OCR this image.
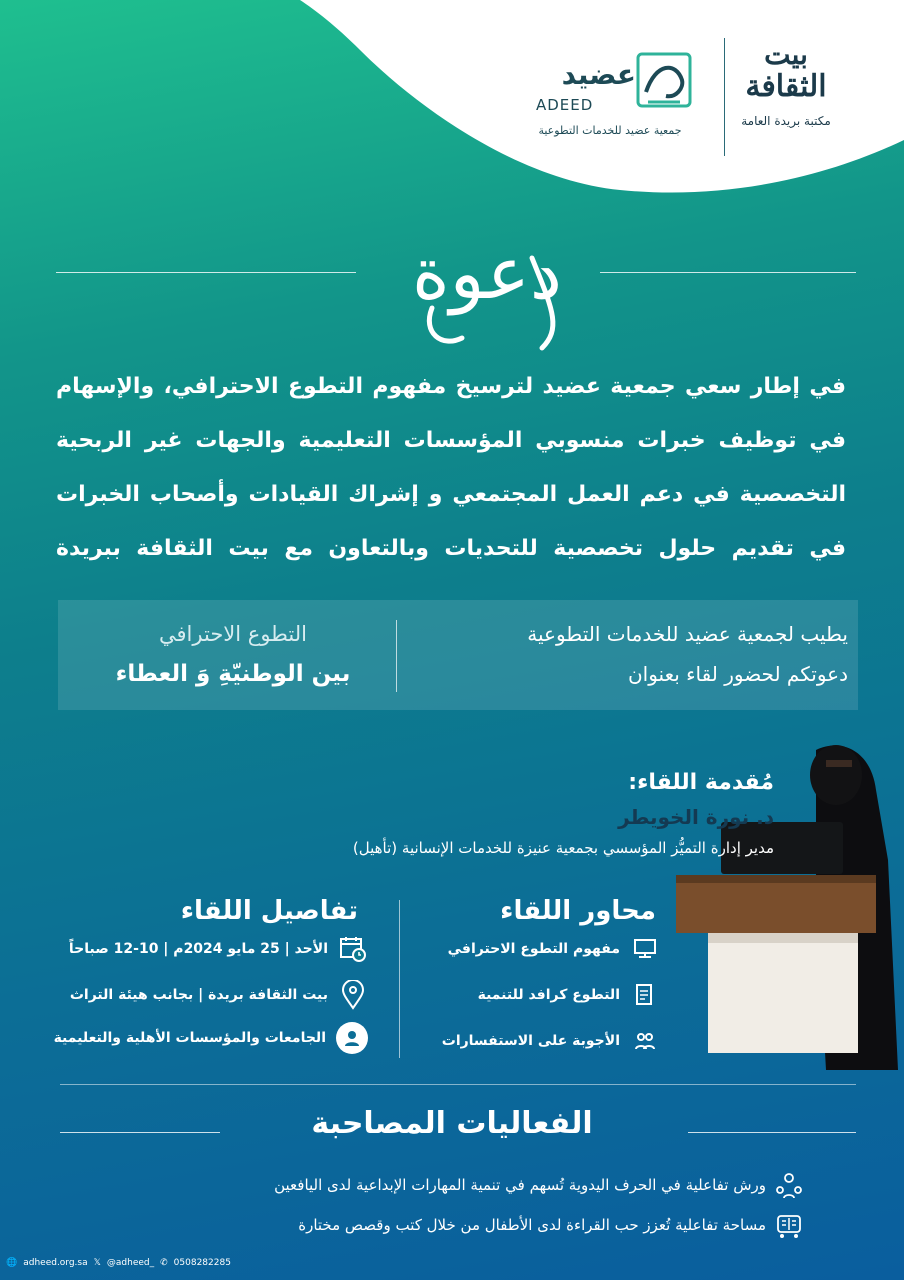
بيت
الثقافة
مكتبة بريدة العامة
عضيد
ADEED
جمعية عضيد للخدمات التطوعية
دعوة

في إطار سعي جمعية عضيد لترسيخ مفهوم التطوع الاحترافي، والإسهام

في توظيف خبرات منسوبي المؤسسات التعليمية والجهات غير الربحية

التخصصية في دعم العمل المجتمعي و إشراك القيادات وأصحاب الخبرات

في تقديم حلول تخصصية للتحديات وبالتعاون مع بيت الثقافة ببريدة

يطيب لجمعية عضيد للخدمات التطوعية
دعوتكم لحضور لقاء بعنوان
التطوع الاحترافي
بين الوطنيّةِ وَ العطاء
مُقدمة اللقاء:
د. نورة الخويطر
مدير إدارة التميُّز المؤسسي بجمعية عنيزة للخدمات الإنسانية (تأهيل)
محاور اللقاء
تفاصيل اللقاء
مفهوم التطوع الاحترافي
التطوع كرافد للتنمية
الأجوبة على الاستفسارات
الأحد | 25 مايو 2024م | 10-12 صباحاً
بيت الثقافة بريدة | بجانب هيئة التراث
الجامعات والمؤسسات الأهلية والتعليمية
الفعاليات المصاحبة
ورش تفاعلية في الحرف اليدوية تُسهم في تنمية المهارات الإبداعية لدى اليافعين
مساحة تفاعلية تُعزز حب القراءة لدى الأطفال من خلال كتب وقصص مختارة
🌐 adheed.org.sa 𝕏 @adheed_ ✆ 0508282285
